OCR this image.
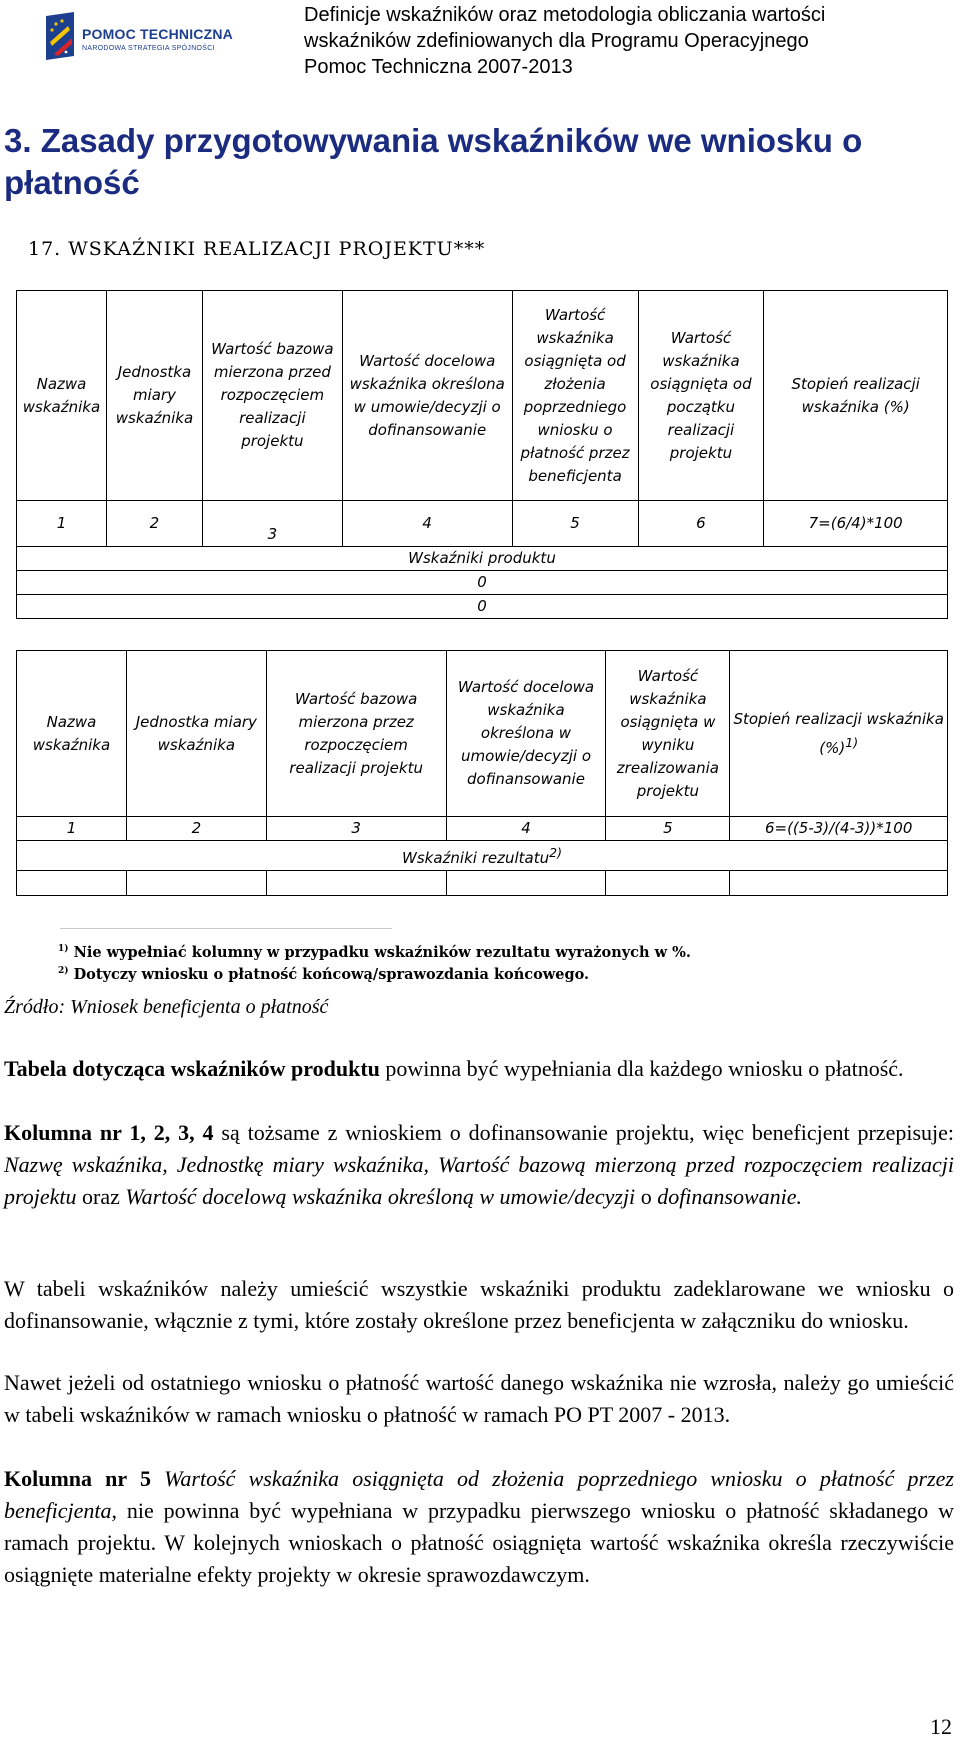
POMOC TECHNICZNA
NARODOWA STRATEGIA SPÓJNOŚCI
Definicje wskaźników oraz metodologia obliczania wartości
wskaźników zdefiniowanych dla Programu Operacyjnego
Pomoc Techniczna 2007-2013
3. Zasady przygotowywania wskaźników we wniosku o płatność
17. WSKAŹNIKI REALIZACJI PROJEKTU***
Nazwa wskaźnika	Jednostka miary wskaźnika	Wartość bazowa mierzona przed rozpoczęciem realizacji projektu	Wartość docelowa wskaźnika określona w umowie/decyzji o dofinansowanie	Wartość wskaźnika osiągnięta od złożenia poprzedniego wniosku o płatność przez beneficjenta	Wartość wskaźnika osiągnięta od początku realizacji projektu	Stopień realizacji wskaźnika (%)
1	2	3	4	5	6	7=(6/4)*100
Wskaźniki produktu						
0						
0						
Nazwa wskaźnika	Jednostka miary wskaźnika	Wartość bazowa mierzona przez rozpoczęciem realizacji projektu	Wartość docelowa wskaźnika określona w umowie/decyzji o dofinansowanie	Wartość wskaźnika osiągnięta w wyniku zrealizowania projektu	Stopień realizacji wskaźnika (%)$^{1)}$
1	2	3	4	5	6=((5-3)/(4-3))*100
Wskaźniki rezultatu$^{2)}$

$^{1)}$ Nie wypełniać kolumny w przypadku wskaźników rezultatu wyrażonych w %.
$^{2)}$ Dotyczy wniosku o płatność końcową/sprawozdania końcowego.
Źródło: Wniosek beneficjenta o płatność

Tabela dotycząca wskaźników produktu powinna być wypełniania dla każdego wniosku o płatność.

Kolumna nr 1, 2, 3, 4 są tożsame z wnioskiem o dofinansowanie projektu, więc beneficjent przepisuje: Nazwę wskaźnika, Jednostkę miary wskaźnika, Wartość bazową mierzoną przed rozpoczęciem realizacji projektu oraz Wartość docelową wskaźnika określoną w umowie/decyzji o dofinansowanie.

W tabeli wskaźników należy umieścić wszystkie wskaźniki produktu zadeklarowane we wniosku o dofinansowanie, włącznie z tymi, które zostały określone przez beneficjenta w załączniku do wniosku.

Nawet jeżeli od ostatniego wniosku o płatność wartość danego wskaźnika nie wzrosła, należy go umieścić w tabeli wskaźników w ramach wniosku o płatność w ramach PO PT 2007 - 2013.

Kolumna nr 5 Wartość wskaźnika osiągnięta od złożenia poprzedniego wniosku o płatność przez beneficjenta, nie powinna być wypełniana w przypadku pierwszego wniosku o płatność składanego w ramach projektu. W kolejnych wnioskach o płatność osiągnięta wartość wskaźnika określa rzeczywiście osiągnięte materialne efekty projekty w okresie sprawozdawczym.

12
